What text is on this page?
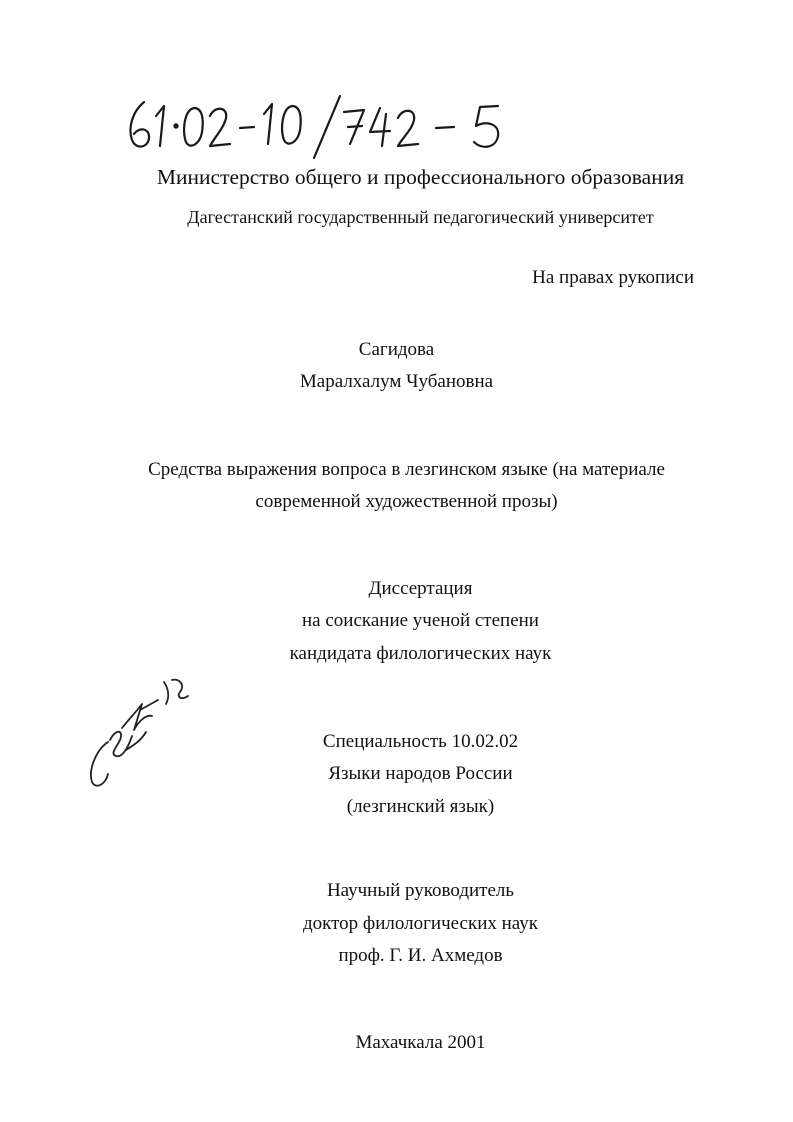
Министерство общего и профессионального образования
Дагестанский государственный педагогический университет
На правах рукописи
Сагидова
Маралхалум Чубановна
Средства выражения вопроса в лезгинском языке (на материале
современной художественной прозы)
Диссертация
на соискание ученой степени
кандидата филологических наук
Специальность 10.02.02
Языки народов России
(лезгинский язык)
Научный руководитель
доктор филологических наук
проф. Г. И. Ахмедов
Махачкала 2001
